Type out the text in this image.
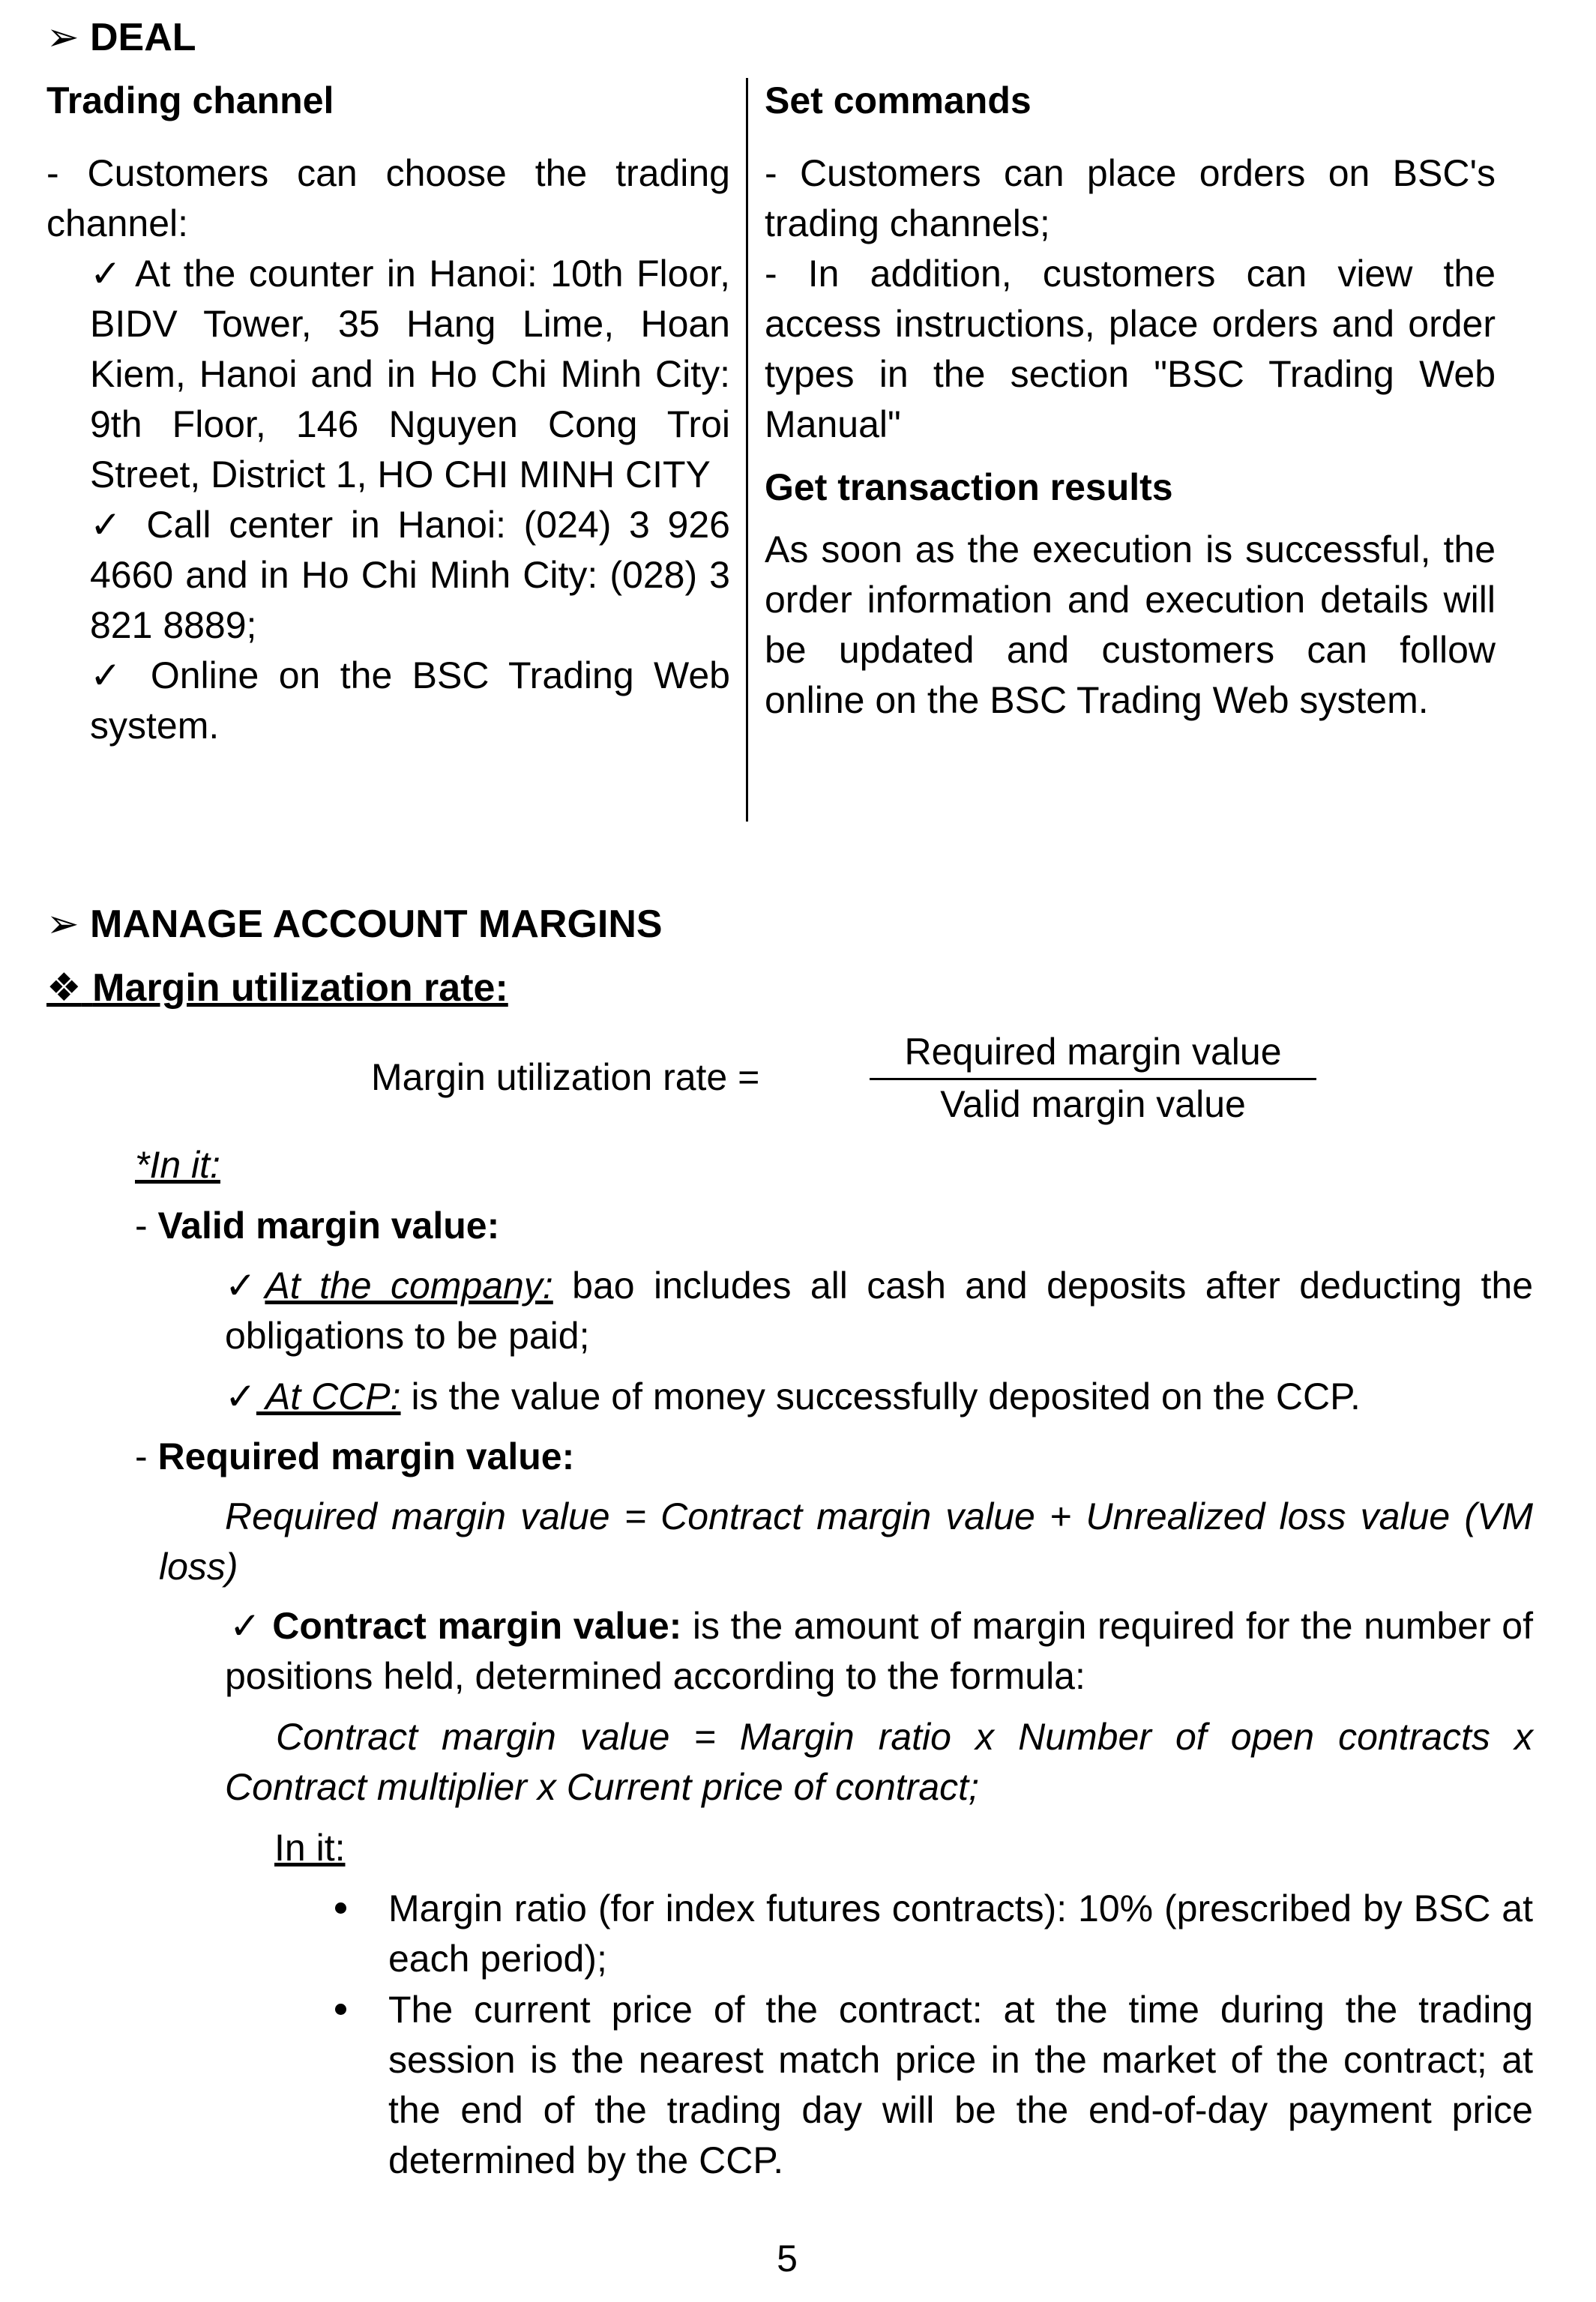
➢ DEAL
Trading channel

- Customers can choose the trading channel:

✓ At the counter in Hanoi: 10th Floor, BIDV Tower, 35 Hang Lime, Hoan Kiem, Hanoi and in Ho Chi Minh City: 9th Floor, 146 Nguyen Cong Troi Street, District 1, HO CHI MINH CITY

✓ Call center in Hanoi: (024) 3 926 4660 and in Ho Chi Minh City: (028) 3 821 8889;

✓ Online on the BSC Trading Web system.

Set commands

- Customers can place orders on BSC's trading channels;

- In addition, customers can view the access instructions, place orders and order types in the section "BSC Trading Web Manual"

Get transaction results

As soon as the execution is successful, the order information and execution details will be updated and customers can follow online on the BSC Trading Web system.

➢ MANAGE ACCOUNT MARGINS
❖ Margin utilization rate:
Margin utilization rate =
Required margin value
Valid margin value
*In it:
- Valid margin value:
✓At the company: bao includes all cash and deposits after deducting the obligations to be paid;
✓ At CCP: is the value of money successfully deposited on the CCP.
- Required margin value:
Required margin value = Contract margin value + Unrealized loss value (VM loss)
✓ Contract margin value: is the amount of margin required for the number of positions held, determined according to the formula:
Contract margin value = Margin ratio x Number of open contracts x Contract multiplier x Current price of contract;
In it:
Margin ratio (for index futures contracts): 10% (prescribed by BSC at each period);
The current price of the contract: at the time during the trading session is the nearest match price in the market of the contract; at the end of the trading day will be the end-of-day payment price determined by the CCP.
5
